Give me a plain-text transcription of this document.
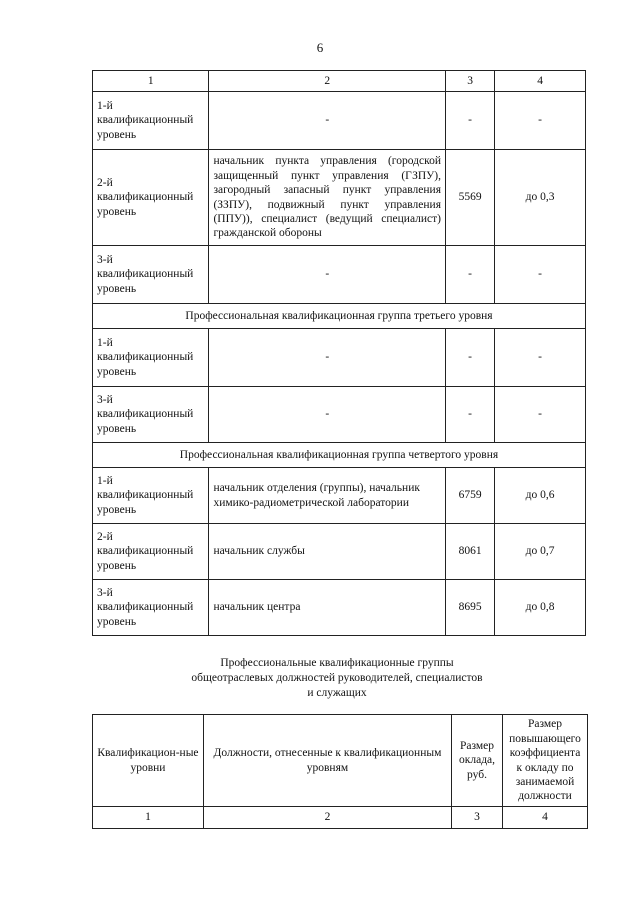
6
1	2	3	4
1-й квалификационный уровень	-	-	-
2-й квалификационный уровень	начальник пункта управления (городской защищенный пункт управления (ГЗПУ), загородный запасный пункт управления (ЗЗПУ), подвижный пункт управления (ППУ)), специалист (ведущий специалист) гражданской обороны	5569	до 0,3
3-й квалификационный уровень	-	-	-
Профессиональная квалификационная группа третьего уровня			
1-й квалификационный уровень	-	-	-
3-й квалификационный уровень	-	-	-
Профессиональная квалификационная группа четвертого уровня			
1-й квалификационный уровень	начальник отделения (группы), начальник химико-радиометрической лаборатории	6759	до 0,6
2-й квалификационный уровень	начальник службы	8061	до 0,7
3-й квалификационный уровень	начальник центра	8695	до 0,8
Профессиональные квалификационные группы
общеотраслевых должностей руководителей, специалистов
и служащих
Квалификацион-ные уровни	Должности, отнесенные к квалификационным уровням	Размер оклада, руб.	Размер повышающего коэффициента к окладу по занимаемой должности
1	2	3	4
